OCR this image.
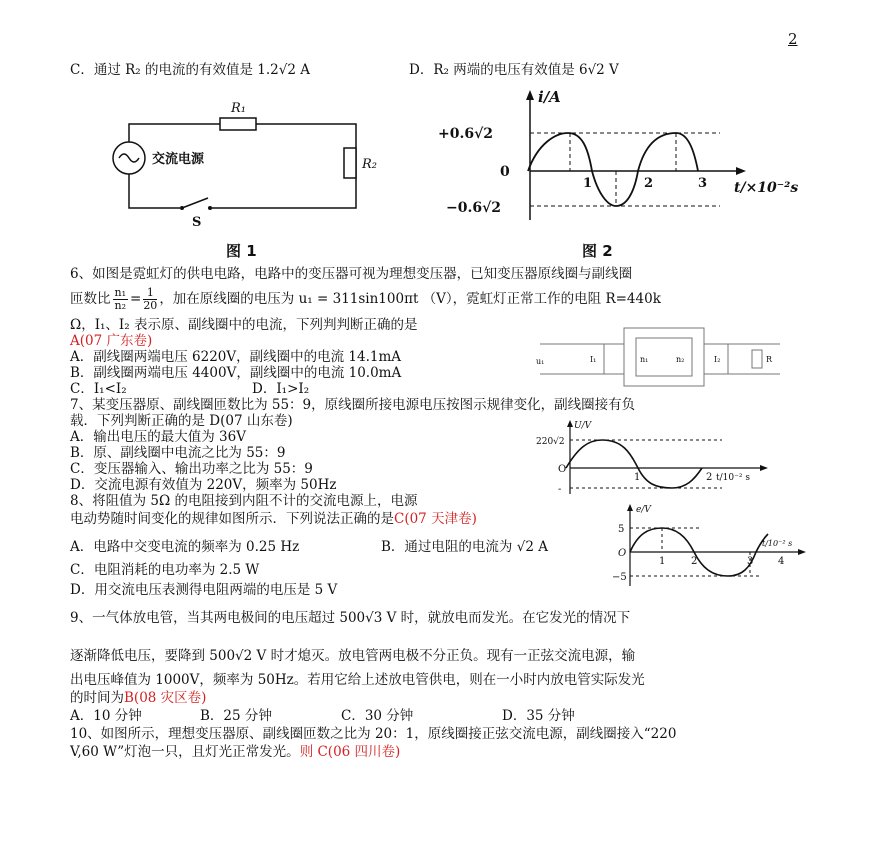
2
C．通过 R₂ 的电流的有效值是 1.2√2 A	D．R₂ 两端的电压有效值是 6√2 V
R₁
R₂
交流电源
S
图 1
i/A
+0.6√2
0
−0.6√2
1	2	3 t/×10⁻²s
图 2
6、如图是霓虹灯的供电电路，电路中的变压器可视为理想变压器，已知变压器原线圈与副线圈
匝数比 $\frac{\text{n₁}}{\text{n₂}} = \frac{1}{20}$ ，加在原线圈的电压为 u₁ = 311sin100πt （V），霓虹灯正常工作的电阻 R=440k
Ω，I₁、I₂ 表示原、副线圈中的电流，下列判判断正确的是
A(07 广东卷)
A．副线圈两端电压 6220V，副线圈中的电流 14.1mA
B．副线圈两端电压 4400V，副线圈中的电流 10.0mA
C．I₁<I₂	D．I₁>I₂
u₁	I₁	n₁	n₂	I₂	R
7、某变压器原、副线圈匝数比为 55：9，原线圈所接电源电压按图示规律变化，副线圈接有负
载．下列判断正确的是 D(07 山东卷)
A．输出电压的最大值为 36V
B．原、副线圈中电流之比为 55：9
C．变压器输入、输出功率之比为 55：9
D．交流电源有效值为 220V，频率为 50Hz
U/V
220√2
O
-
1	2 t/10⁻² s
8、将阻值为 5Ω 的电阻接到内阻不计的交流电源上，电源
电动势随时间变化的规律如图所示．下列说法正确的是C(07 天津卷)
A．电路中交变电流的频率为 0.25 Hz	B．通过电阻的电流为 √2 A
C．电阻消耗的电功率为 2.5 W
D．用交流电压表测得电阻两端的电压是 5 V
e/V
5
O
−5
1	2	3 4
t/10⁻² s
9、一气体放电管，当其两电极间的电压超过 500√3 V 时，就放电而发光。在它发光的情况下
逐渐降低电压，要降到 500√2 V 时才熄灭。放电管两电极不分正负。现有一正弦交流电源，输
出电压峰值为 1000V，频率为 50Hz。若用它给上述放电管供电，则在一小时内放电管实际发光
的时间为B(08 灾区卷)
A．10 分钟	B．25 分钟	C．30 分钟	D．35 分钟
10、如图所示，理想变压器原、副线圈匝数之比为 20：1，原线圈接正弦交流电源，副线圈接入“220
V,60 W”灯泡一只，且灯光正常发光。则 C(06 四川卷)
